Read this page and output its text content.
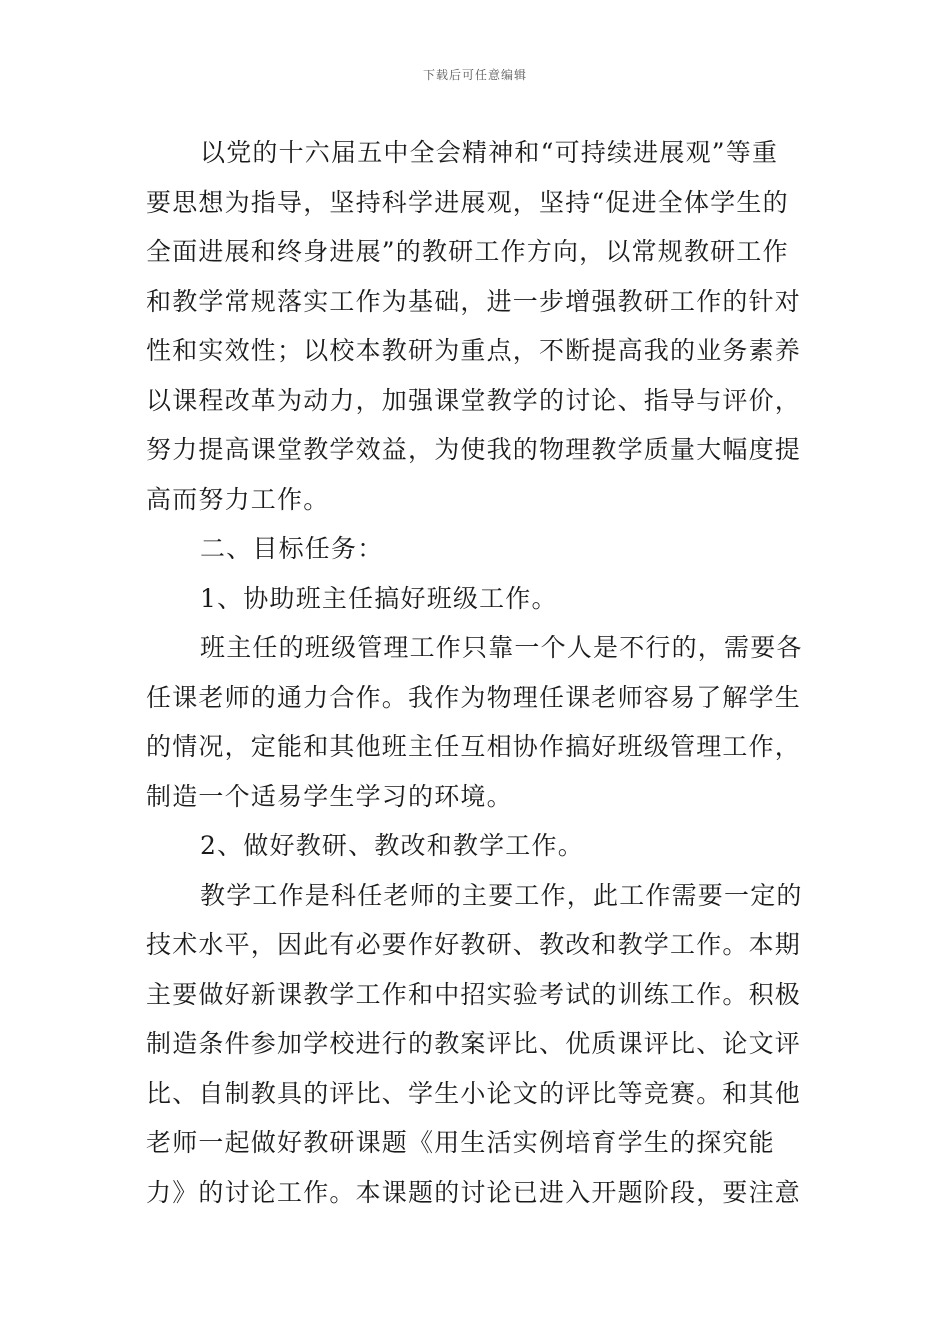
下载后可任意编辑

以党的十六届五中全会精神和“可持续进展观”等重
要思想为指导，坚持科学进展观，坚持“促进全体学生的
全面进展和终身进展”的教研工作方向，以常规教研工作
和教学常规落实工作为基础，进一步增强教研工作的针对
性和实效性；以校本教研为重点，不断提高我的业务素养
以课程改革为动力，加强课堂教学的讨论、指导与评价，
努力提高课堂教学效益，为使我的物理教学质量大幅度提
高而努力工作。

二、目标任务：

1、协助班主任搞好班级工作。

班主任的班级管理工作只靠一个人是不行的，需要各
任课老师的通力合作。我作为物理任课老师容易了解学生
的情况，定能和其他班主任互相协作搞好班级管理工作，
制造一个适易学生学习的环境。

2、做好教研、教改和教学工作。

教学工作是科任老师的主要工作，此工作需要一定的
技术水平，因此有必要作好教研、教改和教学工作。本期
主要做好新课教学工作和中招实验考试的训练工作。积极
制造条件参加学校进行的教案评比、优质课评比、论文评
比、自制教具的评比、学生小论文的评比等竞赛。和其他
老师一起做好教研课题《用生活实例培育学生的探究能
力》的讨论工作。本课题的讨论已进入开题阶段，要注意
